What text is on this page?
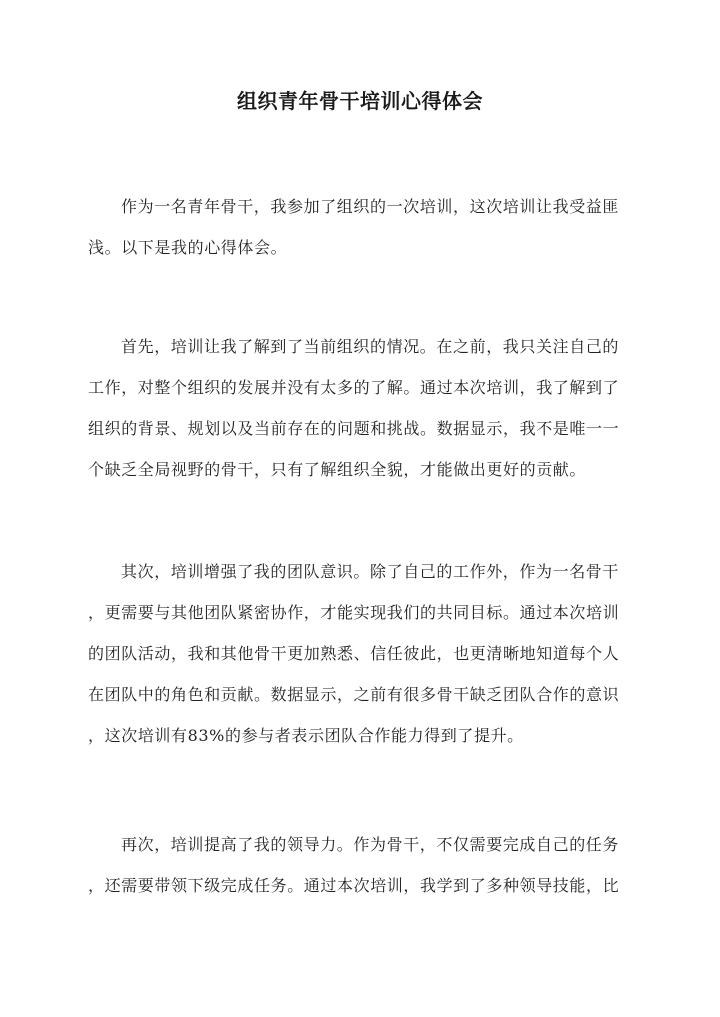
组织青年骨干培训心得体会
作为一名青年骨干，我参加了组织的一次培训，这次培训让我受益匪
浅。以下是我的心得体会。
首先，培训让我了解到了当前组织的情况。在之前，我只关注自己的
工作，对整个组织的发展并没有太多的了解。通过本次培训，我了解到了
组织的背景、规划以及当前存在的问题和挑战。数据显示，我不是唯一一
个缺乏全局视野的骨干，只有了解组织全貌，才能做出更好的贡献。
其次，培训增强了我的团队意识。除了自己的工作外，作为一名骨干
，更需要与其他团队紧密协作，才能实现我们的共同目标。通过本次培训
的团队活动，我和其他骨干更加熟悉、信任彼此，也更清晰地知道每个人
在团队中的角色和贡献。数据显示，之前有很多骨干缺乏团队合作的意识
，这次培训有83%的参与者表示团队合作能力得到了提升。
再次，培训提高了我的领导力。作为骨干，不仅需要完成自己的任务
，还需要带领下级完成任务。通过本次培训，我学到了多种领导技能，比
